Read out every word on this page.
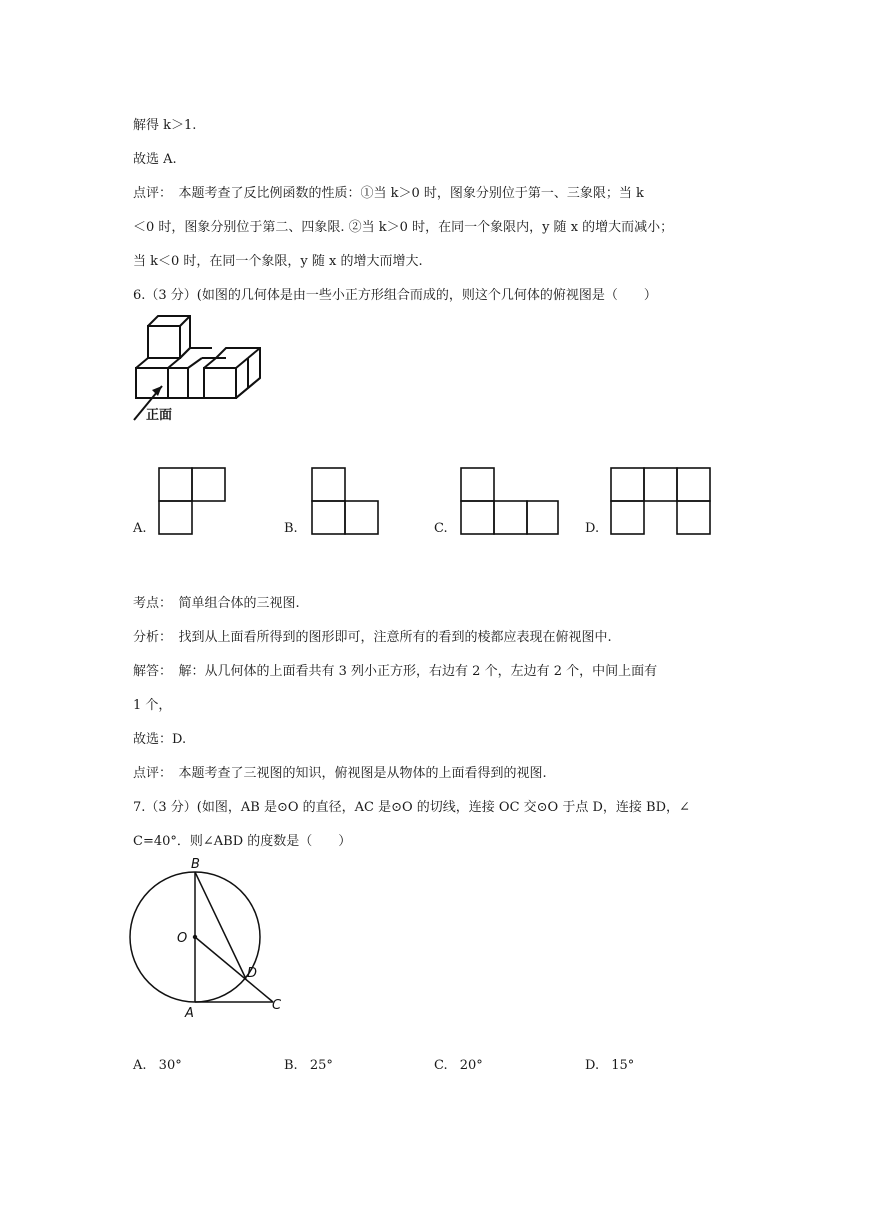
解得 k＞1.
故选 A.
点评：　本题考查了反比例函数的性质：①当 k＞0 时，图象分别位于第一、三象限；当 k
＜0 时，图象分别位于第二、四象限. ②当 k＞0 时，在同一个象限内，y 随 x 的增大而减小；
当 k＜0 时，在同一个象限，y 随 x 的增大而增大.
6.（3 分）(如图的几何体是由一些小正方形组合而成的，则这个几何体的俯视图是（　　）
正面
A.	B.	C.	D.
考点：　简单组合体的三视图.
分析：　找到从上面看所得到的图形即可，注意所有的看到的棱都应表现在俯视图中.
解答：　解：从几何体的上面看共有 3 列小正方形，右边有 2 个，左边有 2 个，中间上面有
1 个，
故选：D.
点评：　本题考查了三视图的知识，俯视图是从物体的上面看得到的视图.
7.（3 分）(如图，AB 是⊙O 的直径，AC 是⊙O 的切线，连接 OC 交⊙O 于点 D，连接 BD，∠
C=40°．则∠ABD 的度数是（　　）
B
O
D
A
C
A. 30°	B. 25°	C. 20°	D. 15°
